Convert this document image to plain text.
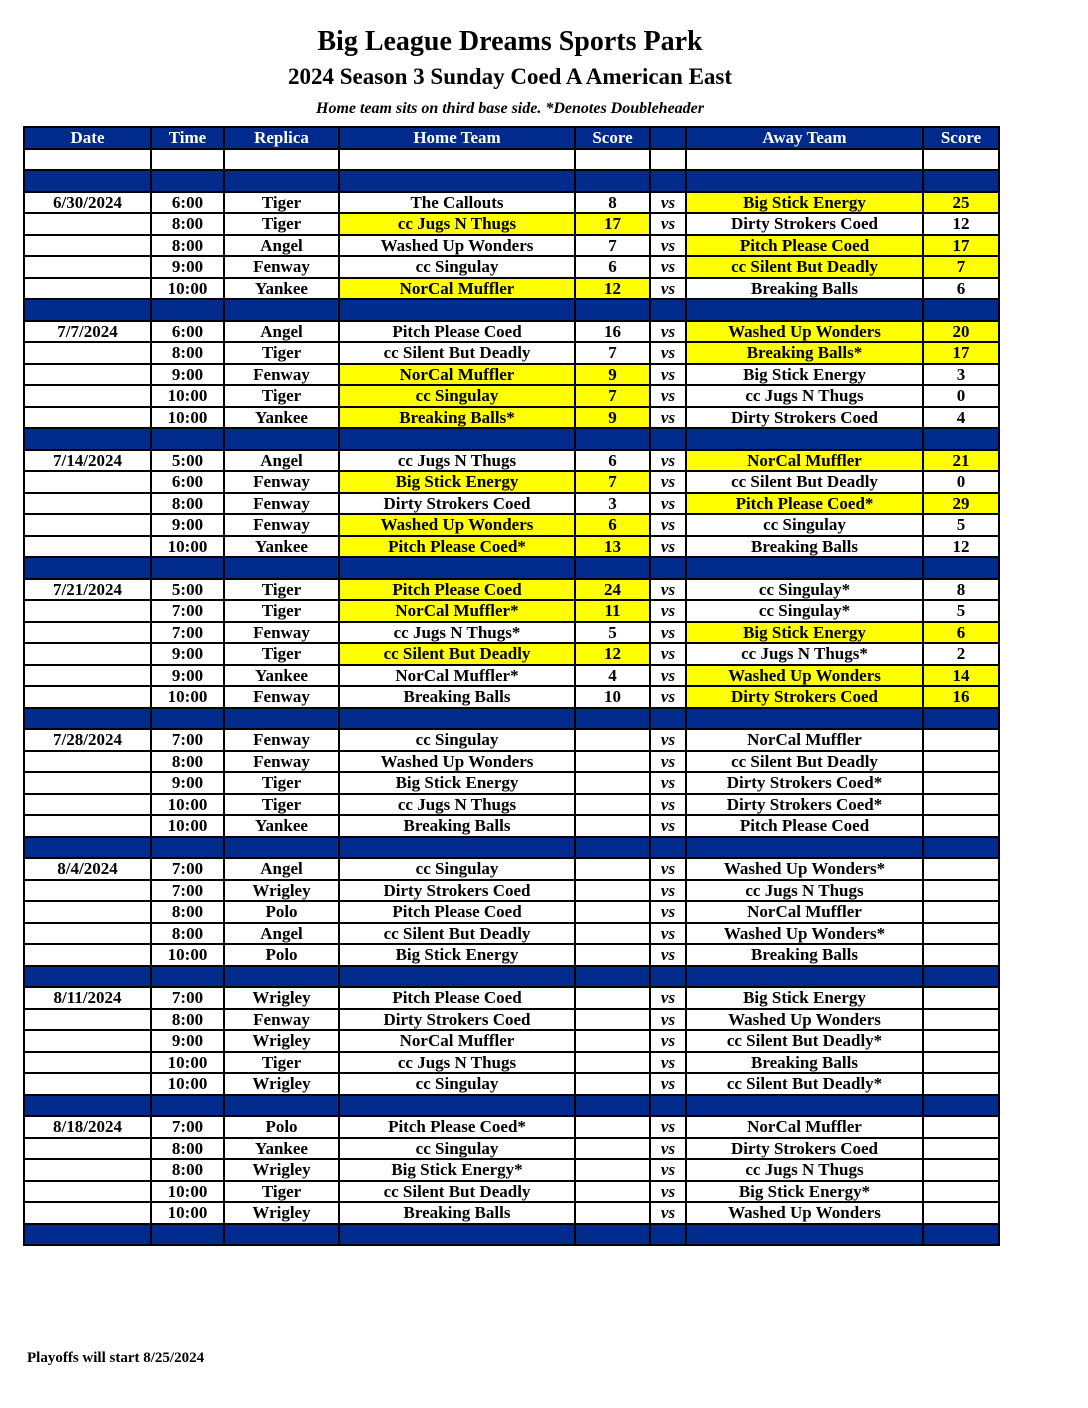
Big League Dreams Sports Park
2024 Season 3 Sunday Coed A American East
Home team sits on third base side. *Denotes Doubleheader
Date	Time	Replica	Home Team	Score		Away Team	Score

6/30/2024	6:00	Tiger	The Callouts	8	vs	Big Stick Energy	25
	8:00	Tiger	cc Jugs N Thugs	17	vs	Dirty Strokers Coed	12
	8:00	Angel	Washed Up Wonders	7	vs	Pitch Please Coed	17
	9:00	Fenway	cc Singulay	6	vs	cc Silent But Deadly	7
	10:00	Yankee	NorCal Muffler	12	vs	Breaking Balls	6

7/7/2024	6:00	Angel	Pitch Please Coed	16	vs	Washed Up Wonders	20
	8:00	Tiger	cc Silent But Deadly	7	vs	Breaking Balls*	17
	9:00	Fenway	NorCal Muffler	9	vs	Big Stick Energy	3
	10:00	Tiger	cc Singulay	7	vs	cc Jugs N Thugs	0
	10:00	Yankee	Breaking Balls*	9	vs	Dirty Strokers Coed	4

7/14/2024	5:00	Angel	cc Jugs N Thugs	6	vs	NorCal Muffler	21
	6:00	Fenway	Big Stick Energy	7	vs	cc Silent But Deadly	0
	8:00	Fenway	Dirty Strokers Coed	3	vs	Pitch Please Coed*	29
	9:00	Fenway	Washed Up Wonders	6	vs	cc Singulay	5
	10:00	Yankee	Pitch Please Coed*	13	vs	Breaking Balls	12

7/21/2024	5:00	Tiger	Pitch Please Coed	24	vs	cc Singulay*	8
	7:00	Tiger	NorCal Muffler*	11	vs	cc Singulay*	5
	7:00	Fenway	cc Jugs N Thugs*	5	vs	Big Stick Energy	6
	9:00	Tiger	cc Silent But Deadly	12	vs	cc Jugs N Thugs*	2
	9:00	Yankee	NorCal Muffler*	4	vs	Washed Up Wonders	14
	10:00	Fenway	Breaking Balls	10	vs	Dirty Strokers Coed	16

7/28/2024	7:00	Fenway	cc Singulay		vs	NorCal Muffler	
	8:00	Fenway	Washed Up Wonders		vs	cc Silent But Deadly	
	9:00	Tiger	Big Stick Energy		vs	Dirty Strokers Coed*	
	10:00	Tiger	cc Jugs N Thugs		vs	Dirty Strokers Coed*	
	10:00	Yankee	Breaking Balls		vs	Pitch Please Coed	

8/4/2024	7:00	Angel	cc Singulay		vs	Washed Up Wonders*	
	7:00	Wrigley	Dirty Strokers Coed		vs	cc Jugs N Thugs	
	8:00	Polo	Pitch Please Coed		vs	NorCal Muffler	
	8:00	Angel	cc Silent But Deadly		vs	Washed Up Wonders*	
	10:00	Polo	Big Stick Energy		vs	Breaking Balls	

8/11/2024	7:00	Wrigley	Pitch Please Coed		vs	Big Stick Energy	
	8:00	Fenway	Dirty Strokers Coed		vs	Washed Up Wonders	
	9:00	Wrigley	NorCal Muffler		vs	cc Silent But Deadly*	
	10:00	Tiger	cc Jugs N Thugs		vs	Breaking Balls	
	10:00	Wrigley	cc Singulay		vs	cc Silent But Deadly*	

8/18/2024	7:00	Polo	Pitch Please Coed*		vs	NorCal Muffler	
	8:00	Yankee	cc Singulay		vs	Dirty Strokers Coed	
	8:00	Wrigley	Big Stick Energy*		vs	cc Jugs N Thugs	
	10:00	Tiger	cc Silent But Deadly		vs	Big Stick Energy*	
	10:00	Wrigley	Breaking Balls		vs	Washed Up Wonders	

Playoffs will start 8/25/2024
